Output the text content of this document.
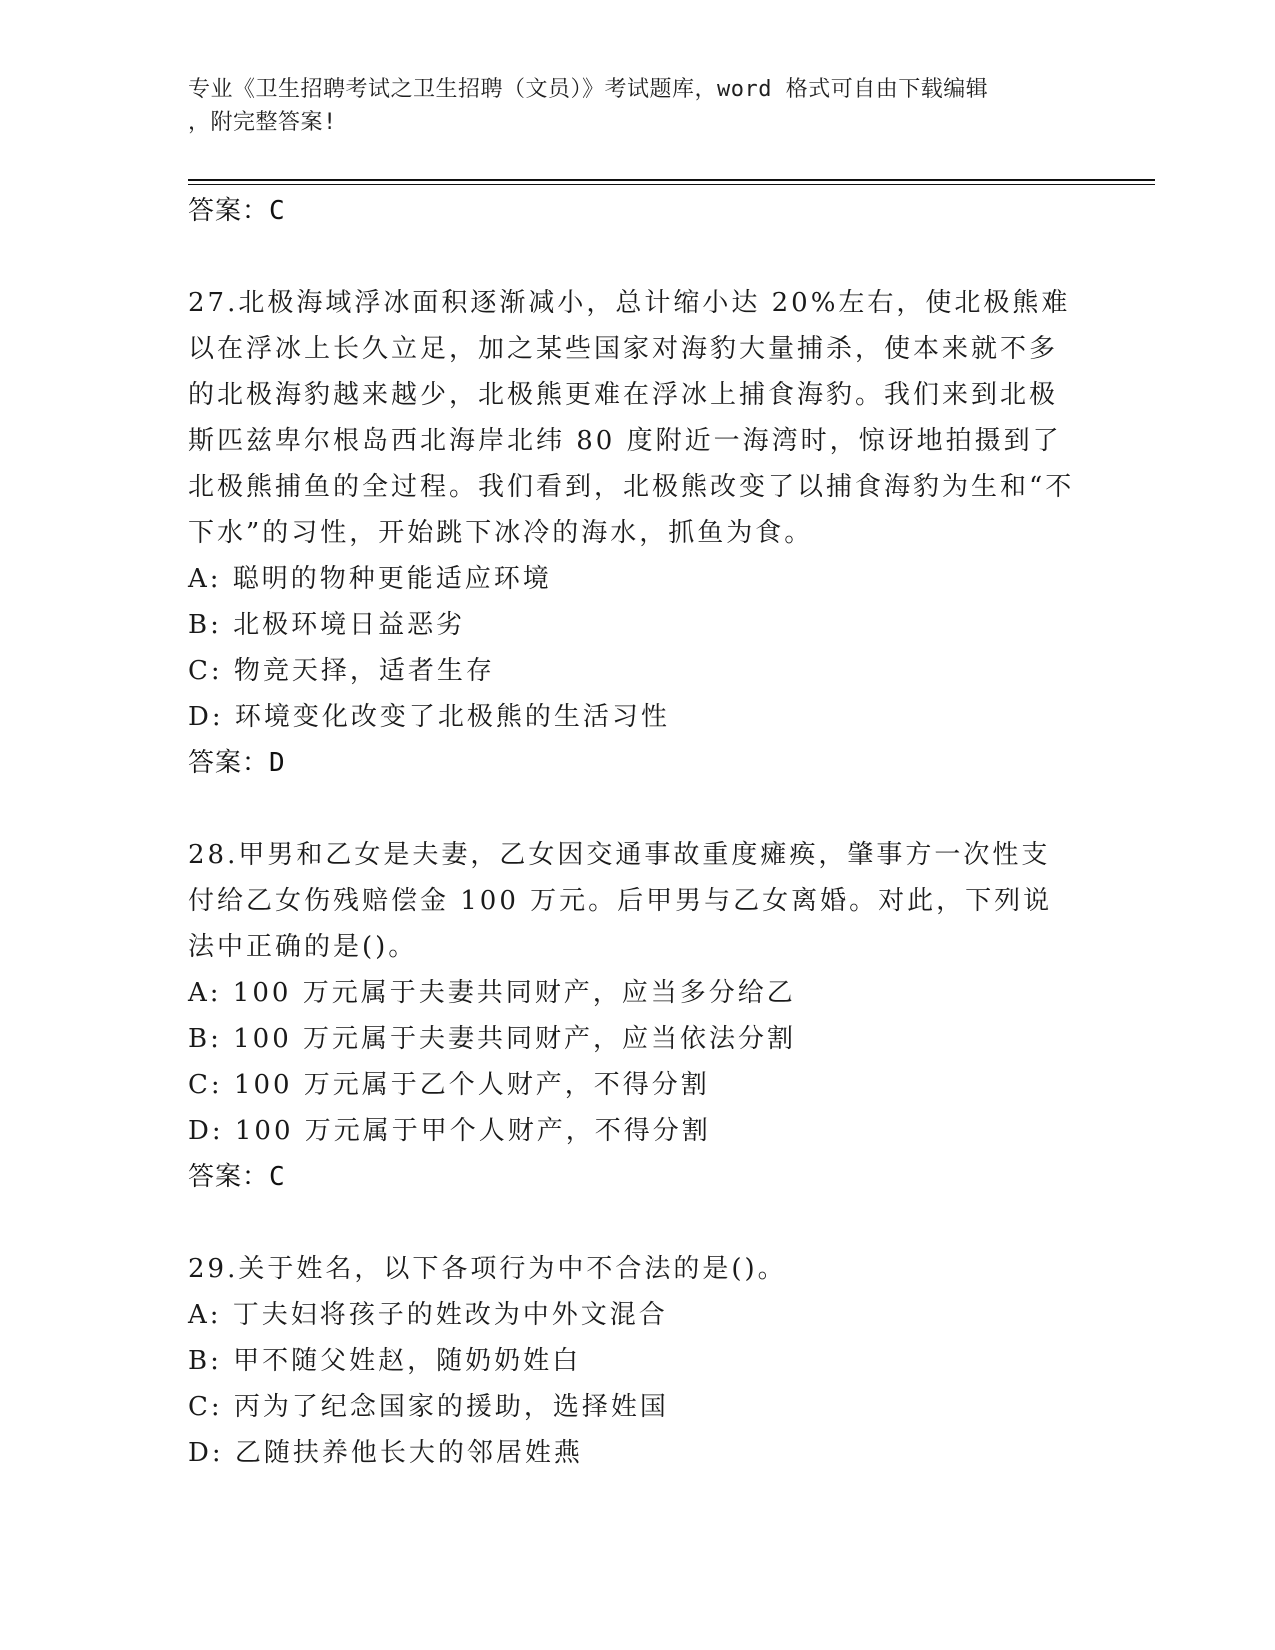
专业《卫生招聘考试之卫生招聘（文员）》考试题库，word 格式可自由下载编辑
，附完整答案!
答案：C
27.北极海域浮冰面积逐渐减小，总计缩小达 20%左右，使北极熊难以在浮冰上长久立足，加之某些国家对海豹大量捕杀，使本来就不多的北极海豹越来越少，北极熊更难在浮冰上捕食海豹。我们来到北极斯匹兹卑尔根岛西北海岸北纬 80 度附近一海湾时，惊讶地拍摄到了北极熊捕鱼的全过程。我们看到，北极熊改变了以捕食海豹为生和“不下水”的习性，开始跳下冰冷的海水，抓鱼为食。
A: 聪明的物种更能适应环境
B: 北极环境日益恶劣
C: 物竞天择，适者生存
D: 环境变化改变了北极熊的生活习性
答案：D
28.甲男和乙女是夫妻，乙女因交通事故重度瘫痪，肇事方一次性支付给乙女伤残赔偿金 100 万元。后甲男与乙女离婚。对此，下列说法中正确的是()。
A: 100 万元属于夫妻共同财产，应当多分给乙
B: 100 万元属于夫妻共同财产，应当依法分割
C: 100 万元属于乙个人财产，不得分割
D: 100 万元属于甲个人财产，不得分割
答案：C
29.关于姓名，以下各项行为中不合法的是()。
A: 丁夫妇将孩子的姓改为中外文混合
B: 甲不随父姓赵，随奶奶姓白
C: 丙为了纪念国家的援助，选择姓国
D: 乙随扶养他长大的邻居姓燕
